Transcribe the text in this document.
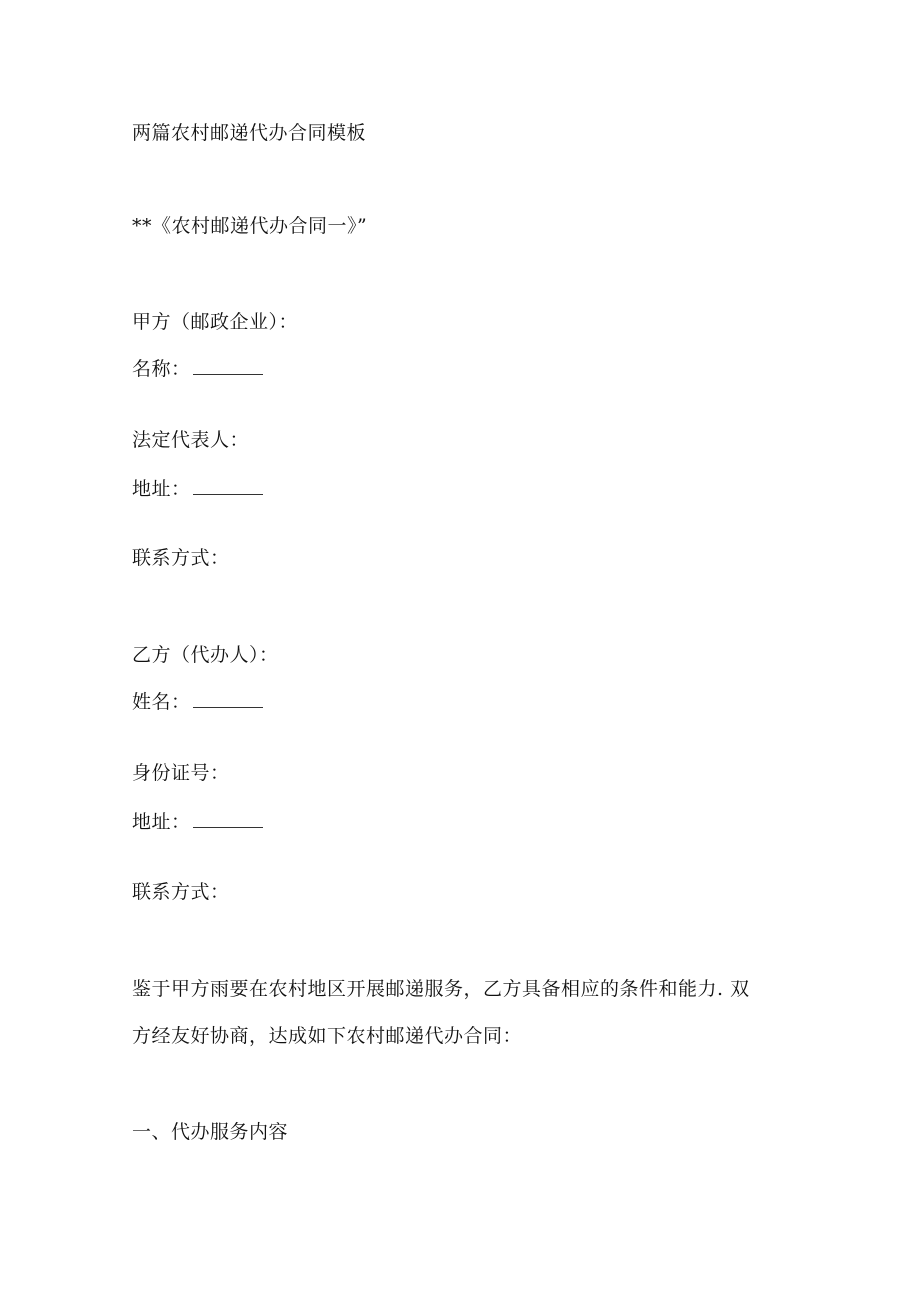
两篇农村邮递代办合同模板
**《农村邮递代办合同一》”
甲方（邮政企业）：
名称：
法定代表人：
地址：
联系方式：
乙方（代办人）：
姓名：
身份证号：
地址：
联系方式：
鉴于甲方雨要在农村地区开展邮递服务，乙方具备相应的条件和能力. 双
方经友好协商，达成如下农村邮递代办合同：
一、代办服务内容
